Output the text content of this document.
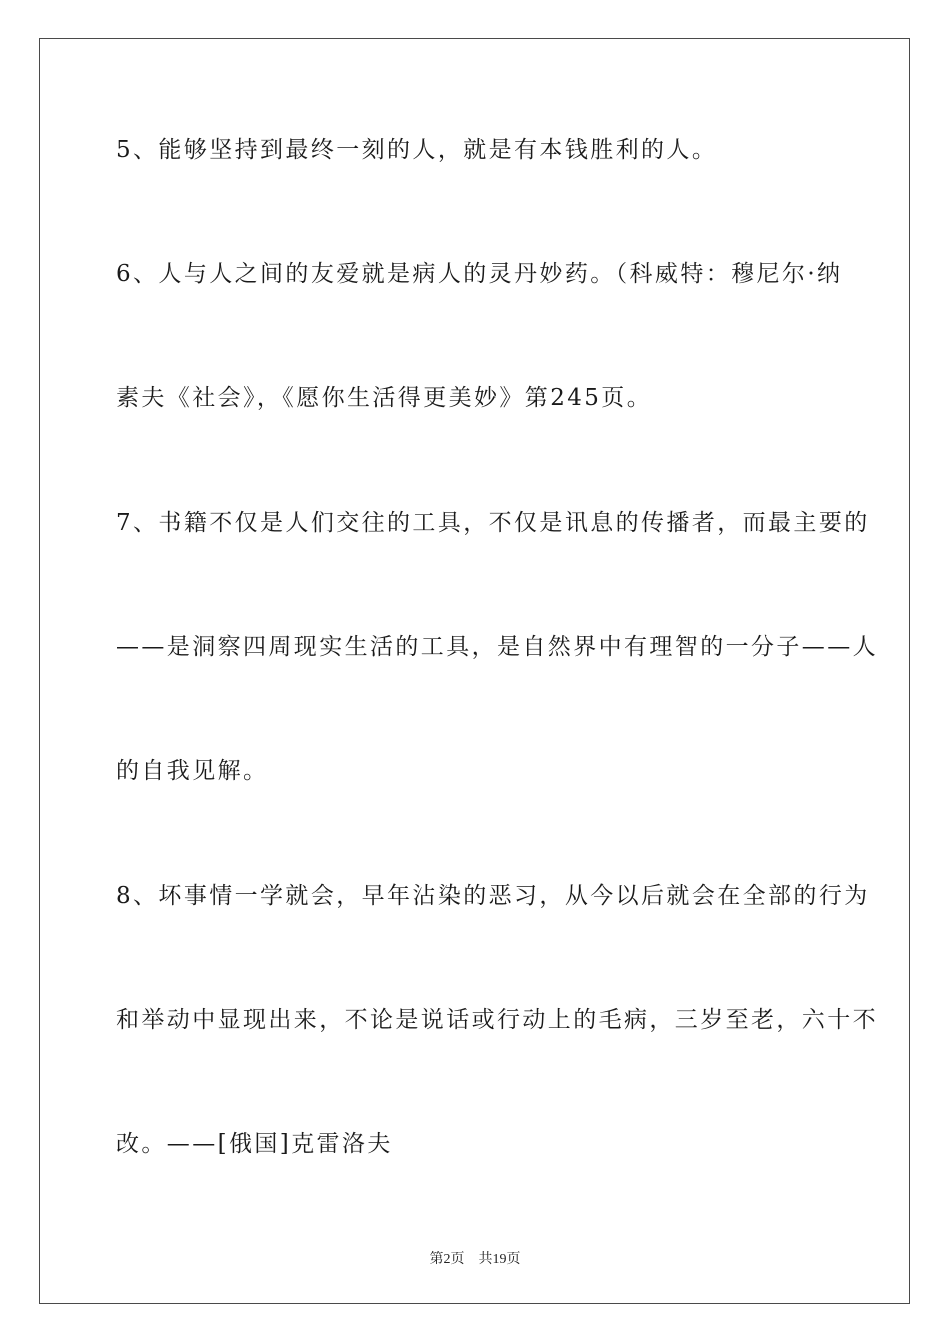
5、能够坚持到最终一刻的人，就是有本钱胜利的人。

6、人与人之间的友爱就是病人的灵丹妙药。（科威特：穆尼尔·纳

素夫《社会》，《愿你生活得更美妙》第245页。

7、书籍不仅是人们交往的工具，不仅是讯息的传播者，而最主要的

——是洞察四周现实生活的工具，是自然界中有理智的一分子——人

的自我见解。

8、坏事情一学就会，早年沾染的恶习，从今以后就会在全部的行为

和举动中显现出来，不论是说话或行动上的毛病，三岁至老，六十不

改。——[俄国]克雷洛夫

第2页 共19页
